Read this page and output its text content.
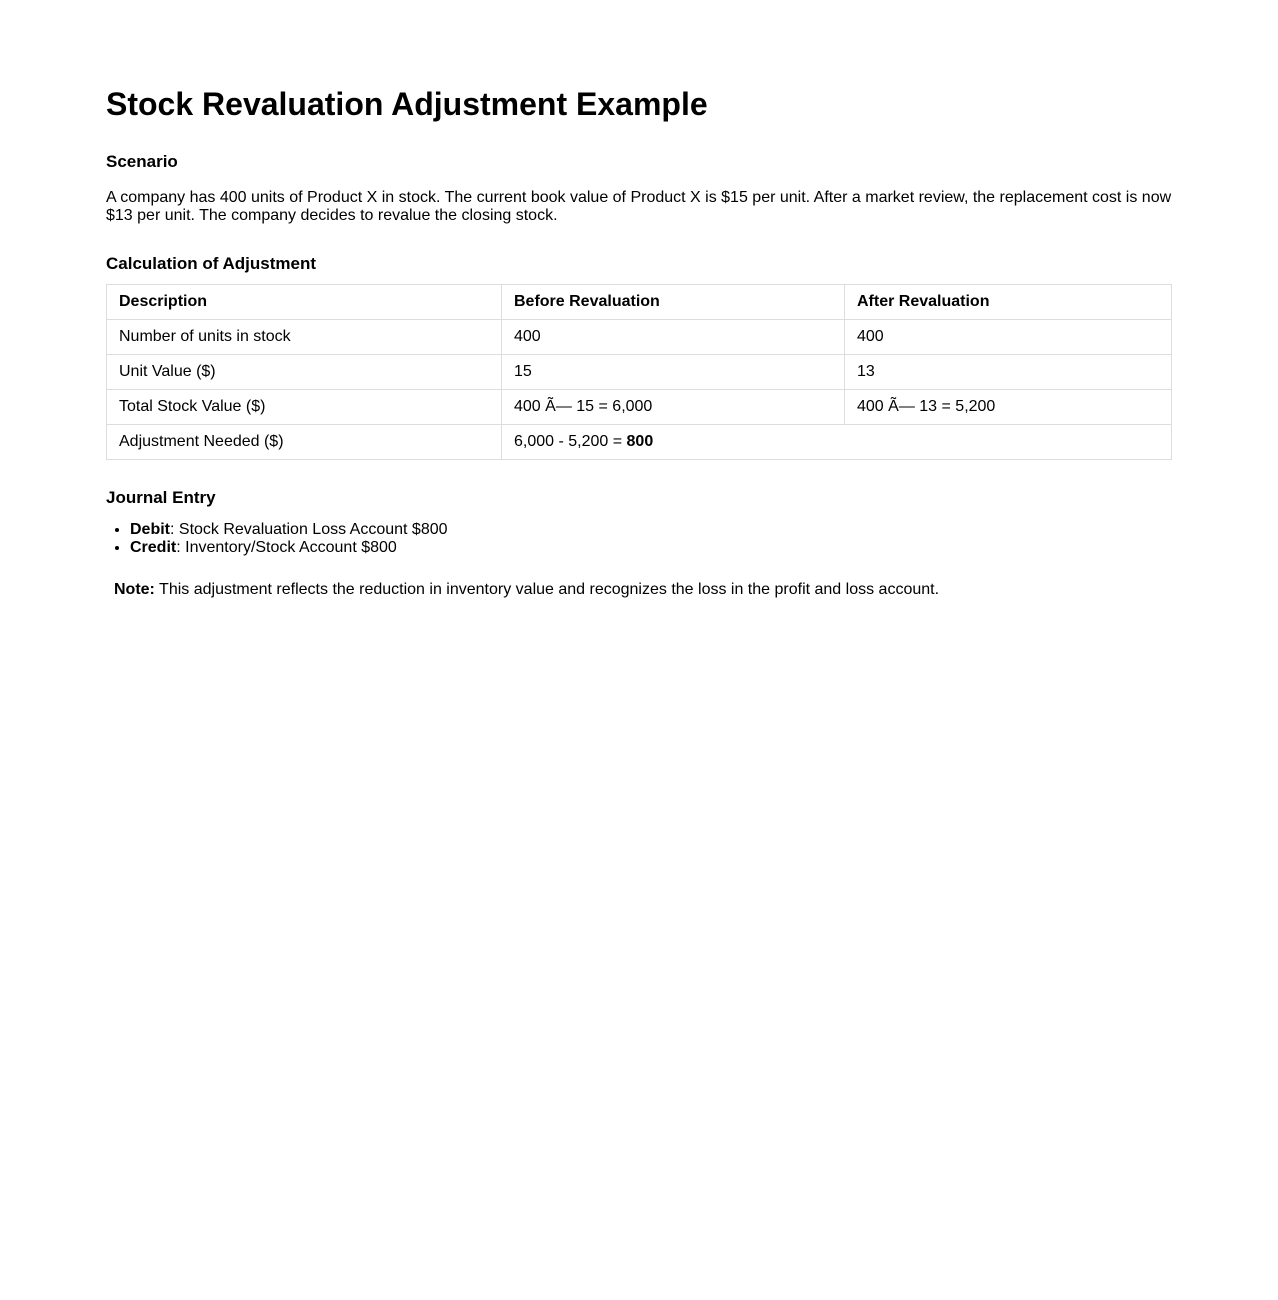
Stock Revaluation Adjustment Example
Scenario

A company has 400 units of Product X in stock. The current book value of Product X is $15 per unit. After a market review, the replacement cost is now $13 per unit. The company decides to revalue the closing stock.

Calculation of Adjustment
Description	Before Revaluation	After Revaluation
Number of units in stock	400	400
Unit Value ($)	15	13
Total Stock Value ($)	400 Ã— 15 = 6,000	400 Ã— 13 = 5,200
Adjustment Needed ($)	6,000 - 5,200 = 800	
Journal Entry
• Debit: Stock Revaluation Loss Account $800
• Credit: Inventory/Stock Account $800

Note: This adjustment reflects the reduction in inventory value and recognizes the loss in the profit and loss account.
